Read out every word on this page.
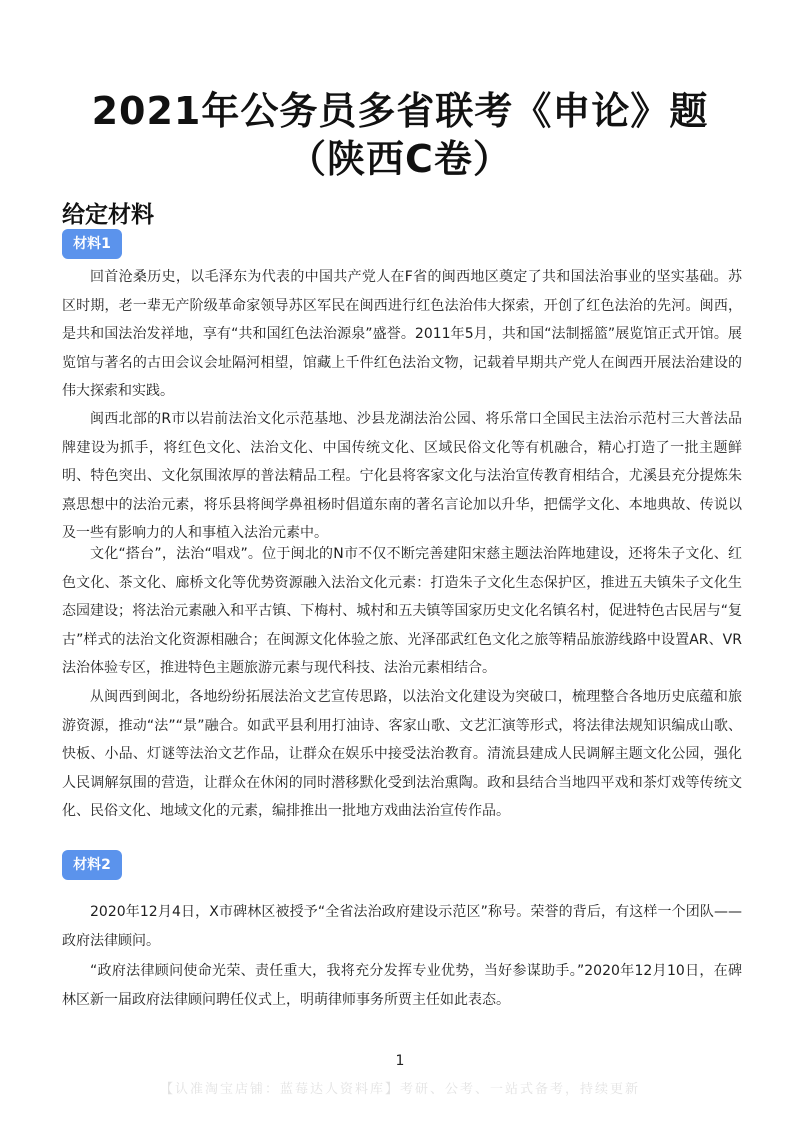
2021年公务员多省联考《申论》题
（陕西C卷）
给定材料
材料1

回首沧桑历史，以毛泽东为代表的中国共产党人在F省的闽西地区奠定了共和国法治事业的坚实基础。苏区时期，老一辈无产阶级革命家领导苏区军民在闽西进行红色法治伟大探索，开创了红色法治的先河。闽西，是共和国法治发祥地，享有“共和国红色法治源泉”盛誉。2011年5月，共和国“法制摇篮”展览馆正式开馆。展览馆与著名的古田会议会址隔河相望，馆藏上千件红色法治文物，记载着早期共产党人在闽西开展法治建设的伟大探索和实践。

闽西北部的R市以岩前法治文化示范基地、沙县龙湖法治公园、将乐常口全国民主法治示范村三大普法品牌建设为抓手，将红色文化、法治文化、中国传统文化、区域民俗文化等有机融合，精心打造了一批主题鲜明、特色突出、文化氛围浓厚的普法精品工程。宁化县将客家文化与法治宣传教育相结合，尤溪县充分提炼朱熹思想中的法治元素，将乐县将闽学鼻祖杨时倡道东南的著名言论加以升华，把儒学文化、本地典故、传说以及一些有影响力的人和事植入法治元素中。

文化“搭台”，法治“唱戏”。位于闽北的N市不仅不断完善建阳宋慈主题法治阵地建设，还将朱子文化、红色文化、茶文化、廊桥文化等优势资源融入法治文化元素：打造朱子文化生态保护区，推进五夫镇朱子文化生态园建设；将法治元素融入和平古镇、下梅村、城村和五夫镇等国家历史文化名镇名村，促进特色古民居与“复古”样式的法治文化资源相融合；在闽源文化体验之旅、光泽邵武红色文化之旅等精品旅游线路中设置AR、VR法治体验专区，推进特色主题旅游元素与现代科技、法治元素相结合。

从闽西到闽北，各地纷纷拓展法治文艺宣传思路，以法治文化建设为突破口，梳理整合各地历史底蕴和旅游资源，推动“法”“景”融合。如武平县利用打油诗、客家山歌、文艺汇演等形式，将法律法规知识编成山歌、快板、小品、灯谜等法治文艺作品，让群众在娱乐中接受法治教育。清流县建成人民调解主题文化公园，强化人民调解氛围的营造，让群众在休闲的同时潜移默化受到法治熏陶。政和县结合当地四平戏和茶灯戏等传统文化、民俗文化、地域文化的元素，编排推出一批地方戏曲法治宣传作品。

材料2

2020年12月4日，X市碑林区被授予“全省法治政府建设示范区”称号。荣誉的背后，有这样一个团队——政府法律顾问。

“政府法律顾问使命光荣、责任重大，我将充分发挥专业优势，当好参谋助手。”2020年12月10日，在碑林区新一届政府法律顾问聘任仪式上，明萌律师事务所贾主任如此表态。

1
【认准淘宝店铺：蓝莓达人资料库】考研、公考、一站式备考，持续更新
